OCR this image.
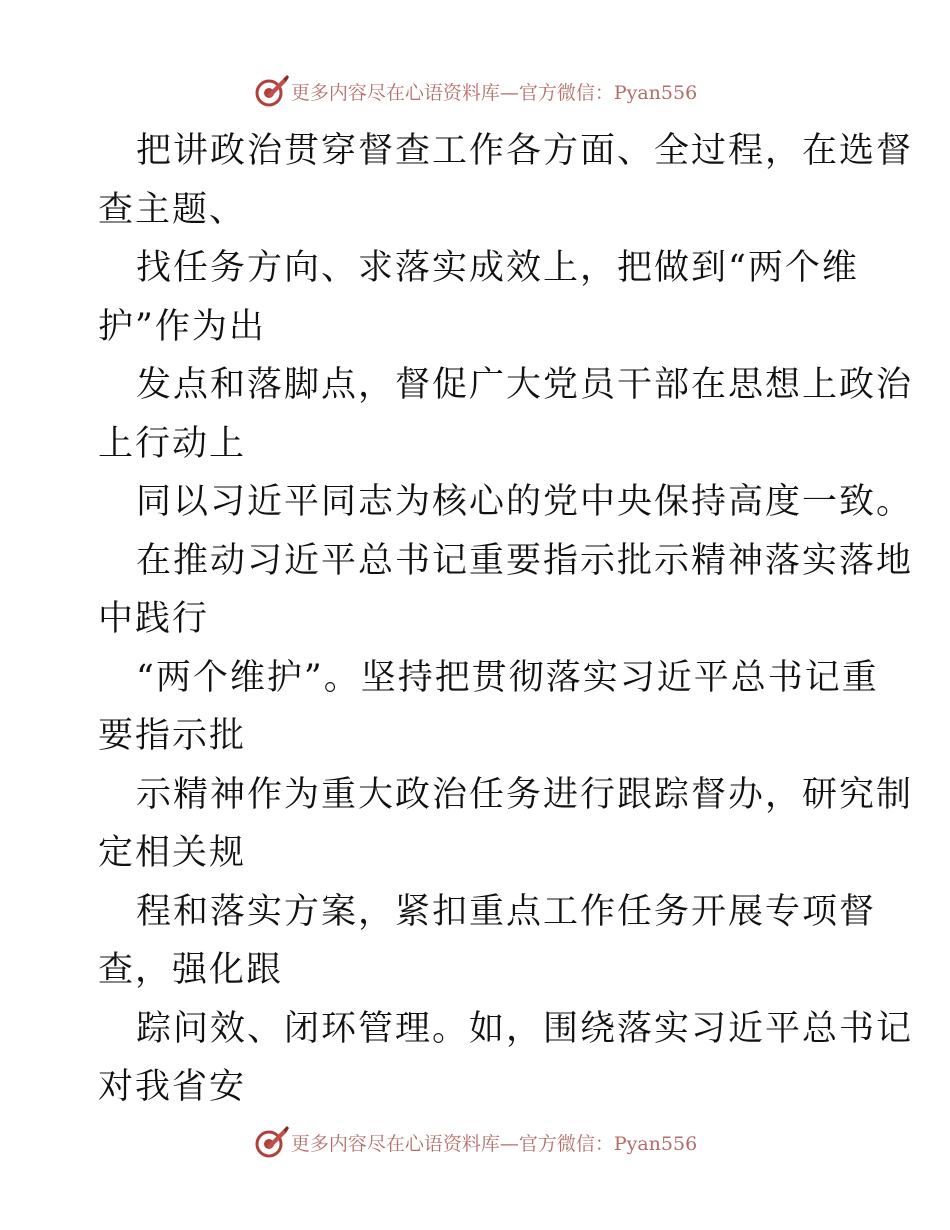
更多内容尽在心语资料库—官方微信：Pyan556
把讲政治贯穿督查工作各方面、全过程，在选督
查主题、
找任务方向、求落实成效上，把做到“两个维
护”作为出
发点和落脚点，督促广大党员干部在思想上政治
上行动上
同以习近平同志为核心的党中央保持高度一致。
在推动习近平总书记重要指示批示精神落实落地
中践行
“两个维护”。坚持把贯彻落实习近平总书记重
要指示批
示精神作为重大政治任务进行跟踪督办，研究制
定相关规
程和落实方案，紧扣重点工作任务开展专项督
查，强化跟
踪问效、闭环管理。如，围绕落实习近平总书记
对我省安
更多内容尽在心语资料库—官方微信：Pyan556
